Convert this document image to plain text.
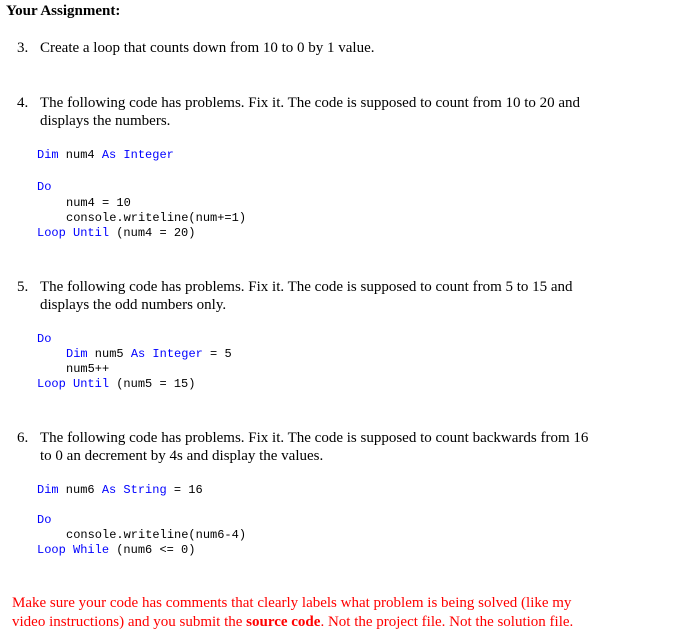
Your Assignment:
3. Create a loop that counts down from 10 to 0 by 1 value.
4. The following code has problems. Fix it. The code is supposed to count from 10 to 20 and
displays the numbers.
Dim num4 As Integer
Do
num4 = 10
console.writeline(num+=1)
Loop Until (num4 = 20)
5. The following code has problems. Fix it. The code is supposed to count from 5 to 15 and
displays the odd numbers only.
Do
Dim num5 As Integer = 5
num5++
Loop Until (num5 = 15)
6. The following code has problems. Fix it. The code is supposed to count backwards from 16
to 0 an decrement by 4s and display the values.
Dim num6 As String = 16
Do
console.writeline(num6-4)
Loop While (num6 <= 0)
Make sure your code has comments that clearly labels what problem is being solved (like my
video instructions) and you submit the source code. Not the project file. Not the solution file.
